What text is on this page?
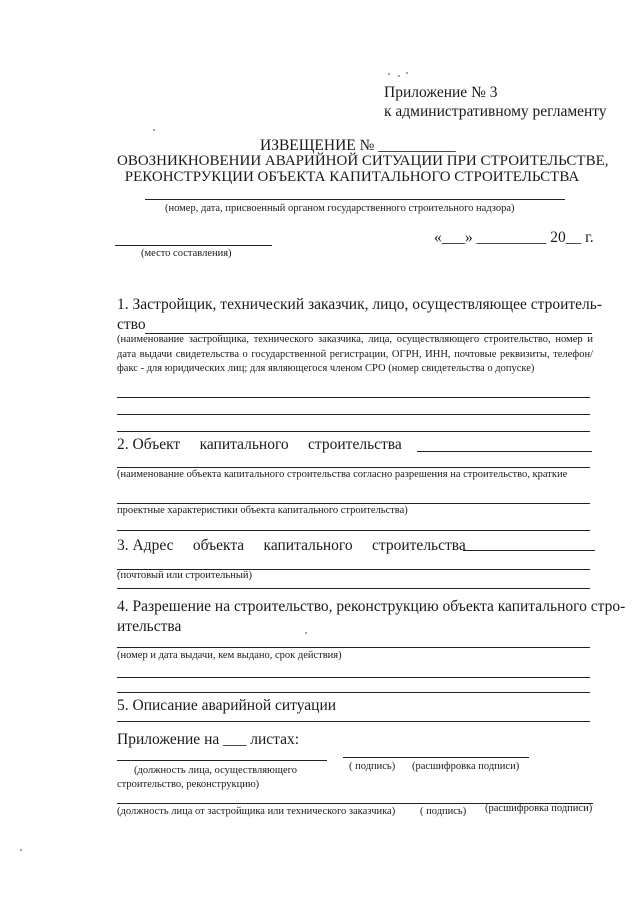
Приложение № 3
к административному регламенту
ИЗВЕЩЕНИЕ № __________
ОВОЗНИКНОВЕНИИ АВАРИЙНОЙ СИТУАЦИИ ПРИ СТРОИТЕЛЬСТВЕ,
РЕКОНСТРУКЦИИ ОБЪЕКТА КАПИТАЛЬНОГО СТРОИТЕЛЬСТВА
(номер, дата, присвоенный органом государственного строительного надзора)
(место составления)
«___» _________ 20__ г.
1. Застройщик, технический заказчик, лицо, осуществляющее строитель-
ство
(наименование застройщика, технического заказчика, лица, осуществляющего строительство, номер и дата выдачи свидетельства о государственной регистрации, ОГРН, ИНН, почтовые реквизиты, телефон/факс - для юридических лиц; для являющегося членом СРО (номер свидетельства о допуске)
2. Объект     капитального     строительства
(наименование объекта капитального строительства согласно разрешения на строительство, краткие
проектные характеристики объекта капитального строительства)
3. Адрес     объекта     капитального     строительства
(почтовый или строительный)
4. Разрешение на строительство, реконструкцию объекта капитального стро-
ительства
(номер и дата выдачи, кем выдано, срок действия)
5. Описание аварийной ситуации
Приложение на ___ листах:
(должность лица, осуществляющего
строительство, реконструкцию)
( подпись) (расшифровка подписи)
(должность лица от застройщика или технического заказчика) ( подпись) (расшифровка подписи)
